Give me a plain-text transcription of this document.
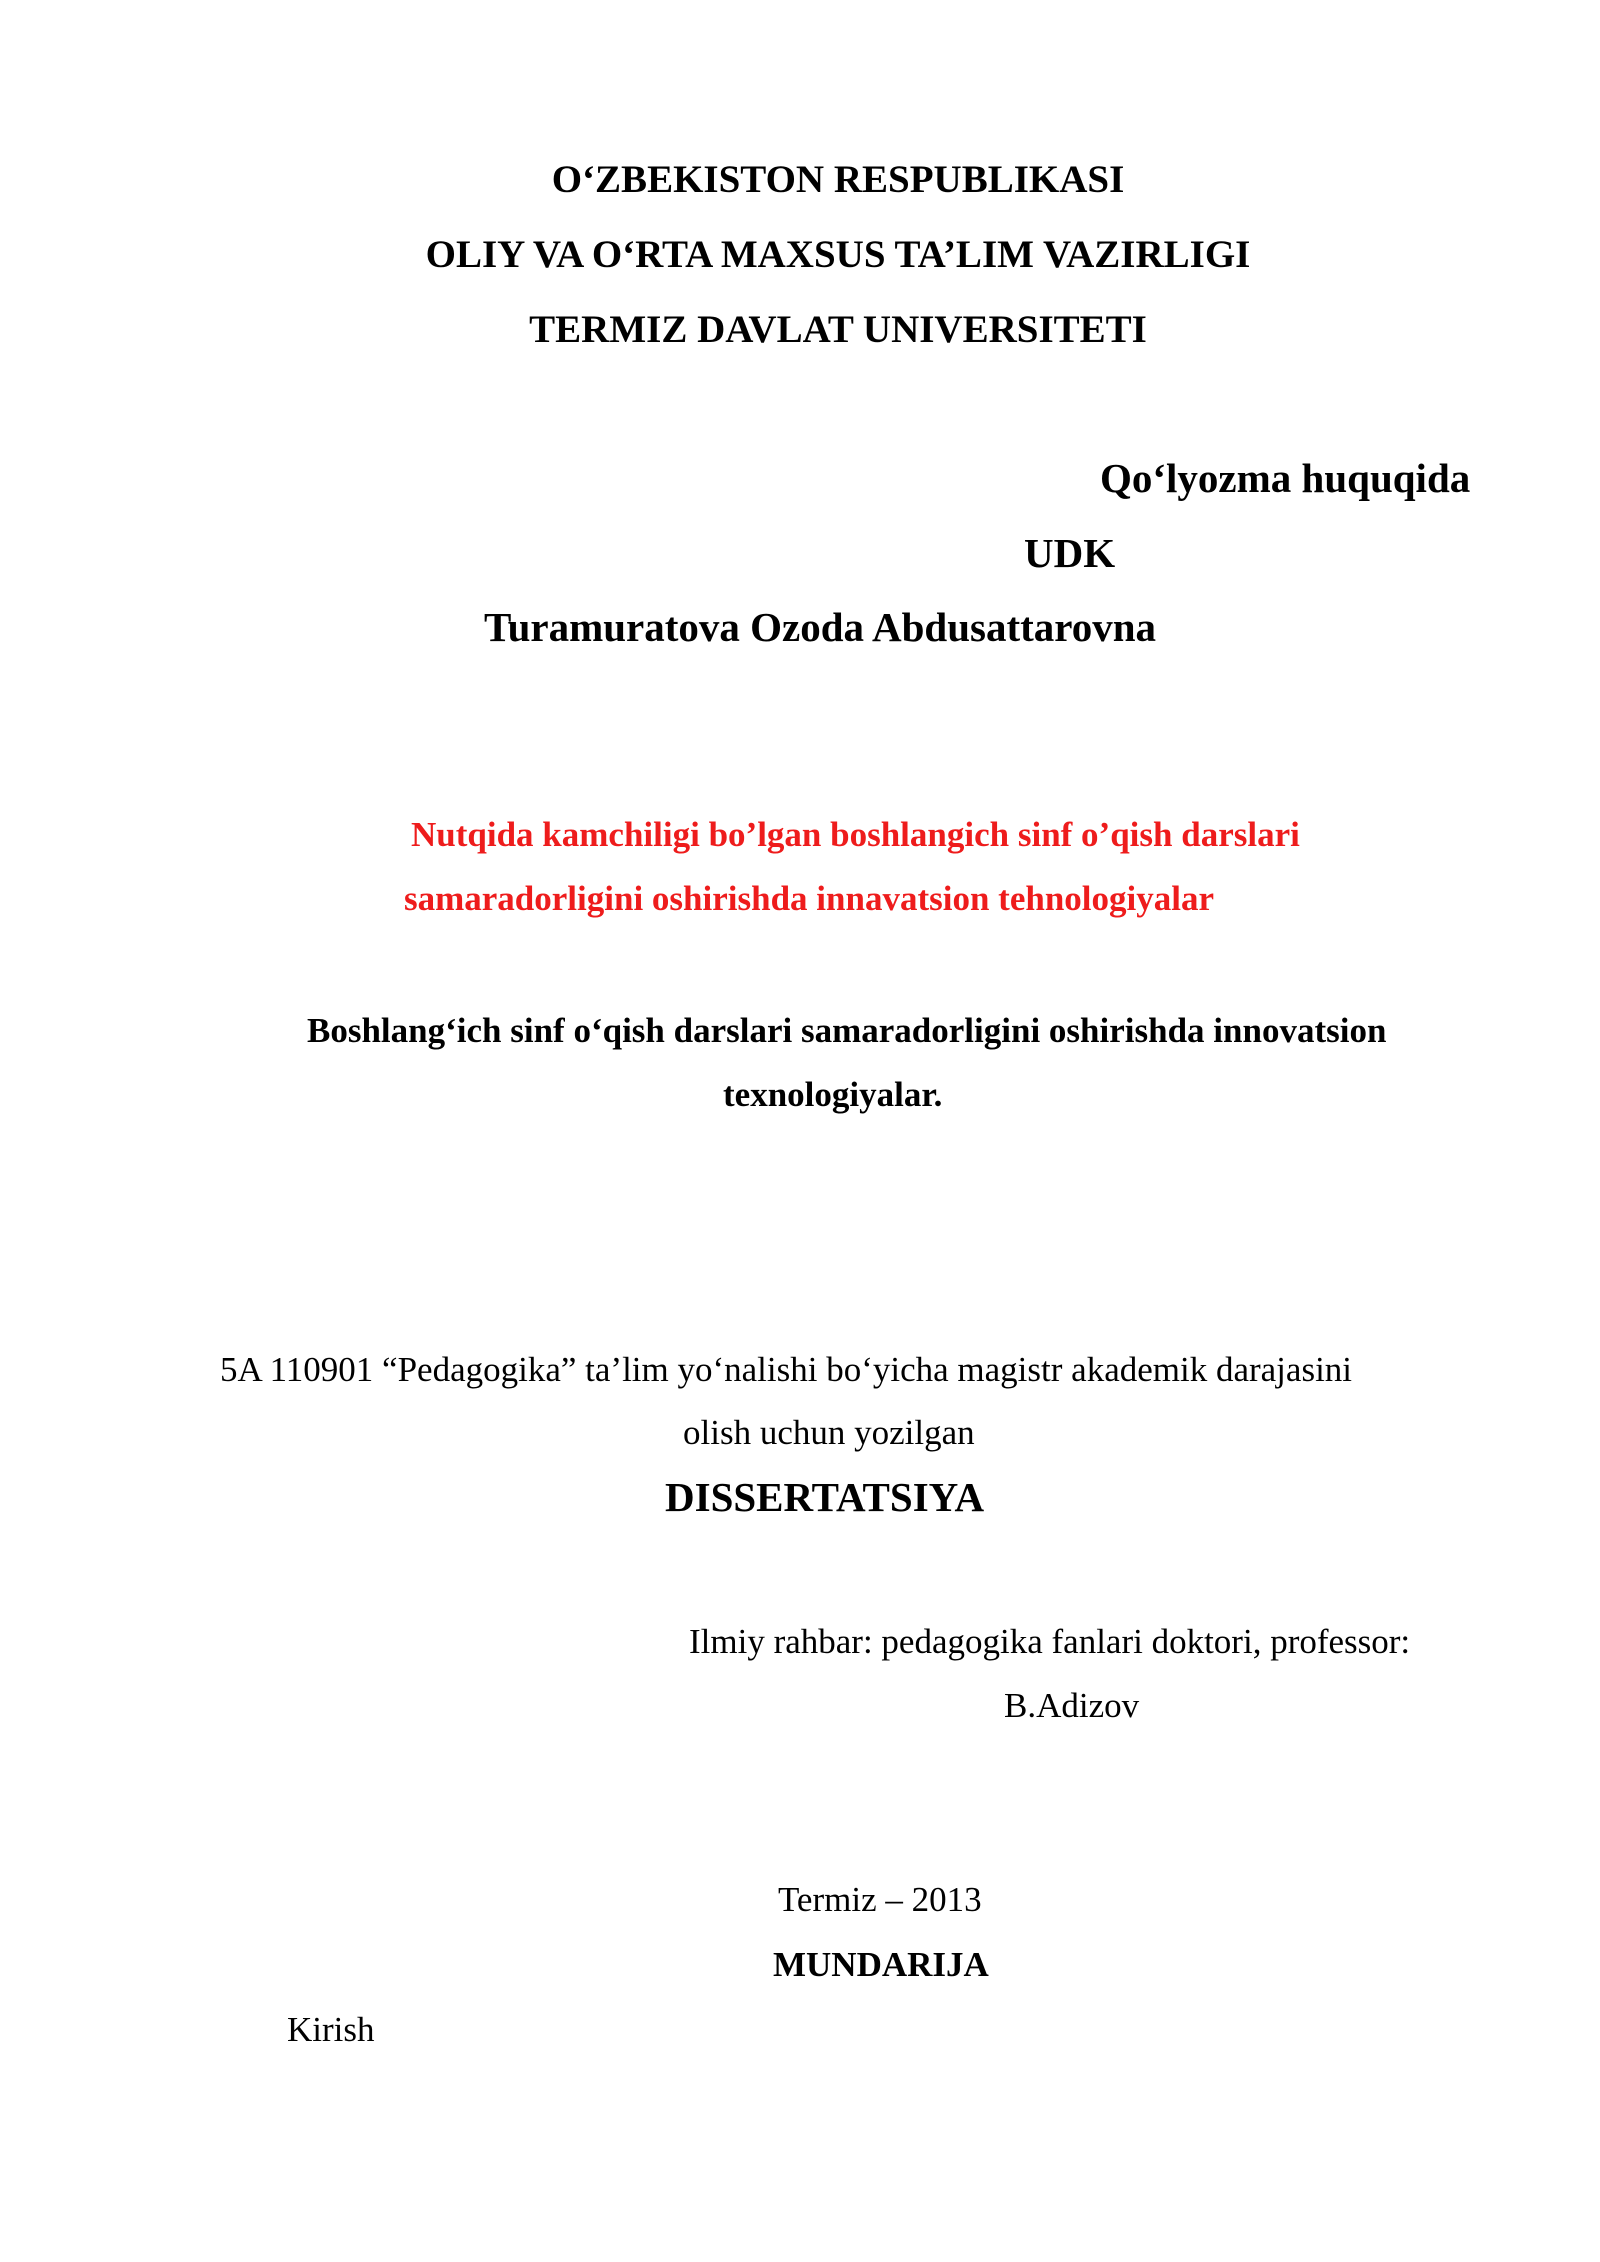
O‘ZBEKISTON RESPUBLIKASI
OLIY VA O‘RTA MAXSUS TA’LIM VAZIRLIGI
TERMIZ DAVLAT UNIVERSITETI
Qo‘lyozma huquqida
UDK
Turamuratova Ozoda Abdusattarovna
Nutqida kamchiligi bo’lgan boshlangich sinf o’qish darslari
samaradorligini oshirishda innavatsion tehnologiyalar
Boshlang‘ich sinf o‘qish darslari samaradorligini oshirishda innovatsion
texnologiyalar.
5A 110901 “Pedagogika” ta’lim yo‘nalishi bo‘yicha magistr akademik darajasini
olish uchun yozilgan
DISSERTATSIYA
Ilmiy rahbar: pedagogika fanlari doktori, professor:
B.Adizov
Termiz – 2013
MUNDARIJA
Kirish
